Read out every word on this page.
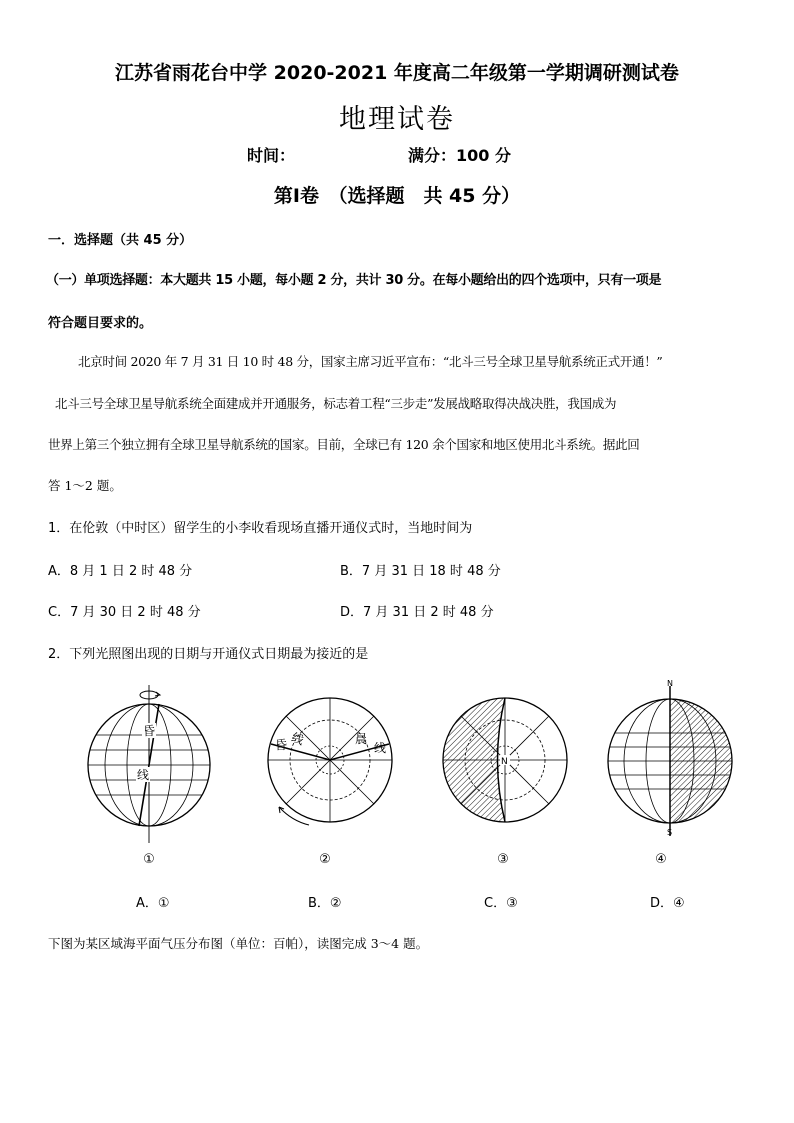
江苏省雨花台中学 2020-2021 年度高二年级第一学期调研测试卷
地理试卷
时间：	满分：100 分
第Ⅰ卷　（选择题　共 45 分）
一．选择题（共 45 分）
（一）单项选择题：本大题共 15 小题，每小题 2 分，共计 30 分。在每小题给出的四个选项中，只有一项是
符合题目要求的。
北京时间 2020 年 7 月 31 日 10 时 48 分，国家主席习近平宣布：“北斗三号全球卫星导航系统正式开通！”
北斗三号全球卫星导航系统全面建成并开通服务，标志着工程“三步走”发展战略取得决战决胜，我国成为
世界上第三个独立拥有全球卫星导航系统的国家。目前，全球已有 120 余个国家和地区使用北斗系统。据此回
答 1～2 题。
1．在伦敦（中时区）留学生的小李收看现场直播开通仪式时，当地时间为
A．8 月 1 日 2 时 48 分	B．7 月 31 日 18 时 48 分
C．7 月 30 日 2 时 48 分	D．7 月 31 日 2 时 48 分
2．下列光照图出现的日期与开通仪式日期最为接近的是
昏
线
①
昏 线	晨
线
②
N
③
N
S
④
A．①	B．②	C．③	D．④
下图为某区域海平面气压分布图（单位：百帕），读图完成 3～4 题。
